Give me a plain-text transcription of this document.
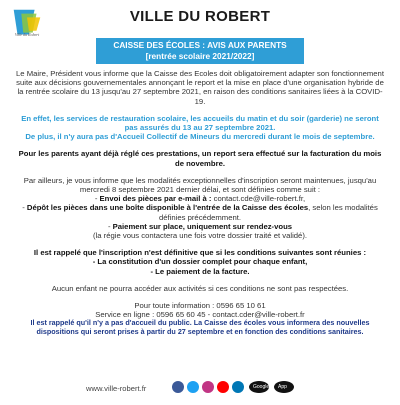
Ville du Robert
VILLE DU ROBERT
CAISSE DES ÉCOLES : AVIS AUX PARENTS
[rentrée scolaire 2021/2022]

Le Maire, Président vous informe que la Caisse des Ecoles doit obligatoirement adapter son fonctionnement suite aux décisions gouvernementales annonçant le report et la mise en place d'une organisation hybride de la rentrée scolaire du 13 jusqu'au 27 septembre 2021, en raison des conditions sanitaires liées à la COVID-19.

En effet, les services de restauration scolaire, les accueils du matin et du soir (garderie) ne seront pas assurés du 13 au 27 septembre 2021.

De plus, il n'y aura pas d'Accueil Collectif de Mineurs du mercredi durant le mois de septembre.

Pour les parents ayant déjà réglé ces prestations, un report sera effectué sur la facturation du mois de novembre.

Par ailleurs, je vous informe que les modalités exceptionnelles d'inscription seront maintenues, jusqu'au mercredi 8 septembre 2021 dernier délai, et sont définies comme suit :

- Envoi des pièces par e-mail à : contact.cde@ville-robert.fr,

- Dépôt les pièces dans une boîte disponible à l'entrée de la Caisse des écoles, selon les modalités définies précédemment.

- Paiement sur place, uniquement sur rendez-vous

(la régie vous contactera une fois votre dossier traité et validé).

Il est rappelé que l'inscription n'est définitive que si les conditions suivantes sont réunies :

- La constitution d'un dossier complet pour chaque enfant,

- Le paiement de la facture.

Aucun enfant ne pourra accéder aux activités si ces conditions ne sont pas respectées.

Pour toute information : 0596 65 10 61

Service en ligne : 0596 65 60 45 - contact.cder@ville-robert.fr

Il est rappelé qu'il n'y a pas d'accueil du public. La Caisse des écoles vous informera des nouvelles dispositions qui seront prises à partir du 27 septembre et en fonction des conditions sanitaires.

www.ville-robert.fr	Google Play
App Store
